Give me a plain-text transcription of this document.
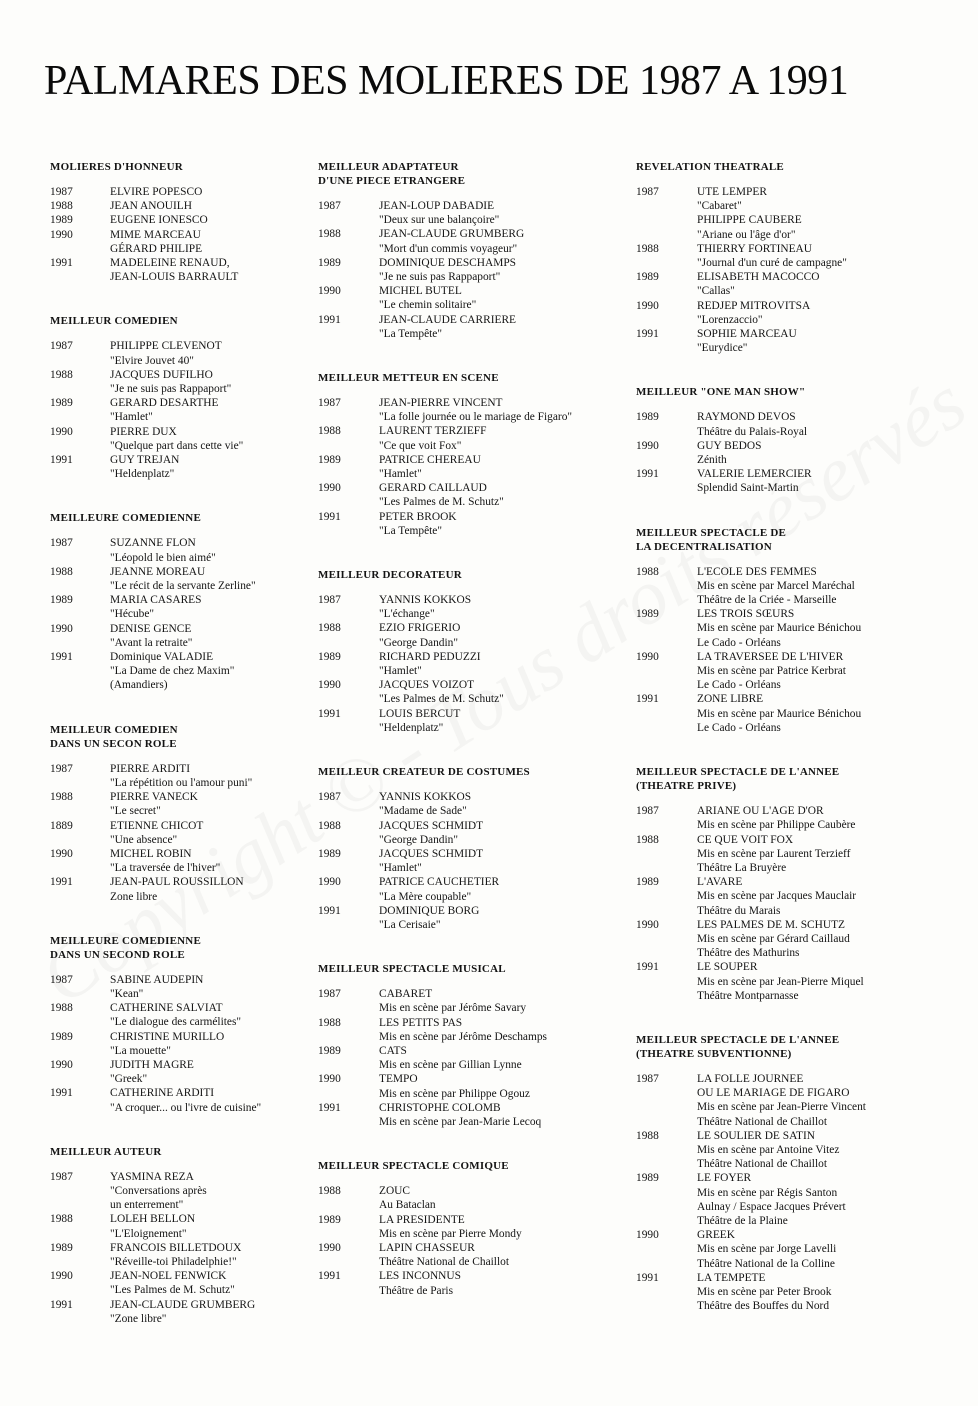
PALMARES DES MOLIERES DE 1987 A 1991
MOLIERES D'HONNEUR
1987	ELVIRE POPESCO
1988	JEAN ANOUILH
1989	EUGENE IONESCO
1990	MIME MARCEAU
GÉRARD PHILIPE
1991	MADELEINE RENAUD,
JEAN-LOUIS BARRAULT
MEILLEUR COMEDIEN
1987	PHILIPPE CLEVENOT
"Elvire Jouvet 40"
1988	JACQUES DUFILHO
"Je ne suis pas Rappaport"
1989	GERARD DESARTHE
"Hamlet"
1990	PIERRE DUX
"Quelque part dans cette vie"
1991	GUY TREJAN
"Heldenplatz"
MEILLEURE COMEDIENNE
1987	SUZANNE FLON
"Léopold le bien aimé"
1988	JEANNE MOREAU
"Le récit de la servante Zerline"
1989	MARIA CASARES
"Hécube"
1990	DENISE GENCE
"Avant la retraite"
1991	Dominique VALADIE
"La Dame de chez Maxim"
(Amandiers)
MEILLEUR COMEDIEN
DANS UN SECON ROLE
1987	PIERRE ARDITI
"La répétition ou l'amour puni"
1988	PIERRE VANECK
"Le secret"
1889	ETIENNE CHICOT
"Une absence"
1990	MICHEL ROBIN
"La traversée de l'hiver"
1991	JEAN-PAUL ROUSSILLON
Zone libre
MEILLEURE COMEDIENNE
DANS UN SECOND ROLE
1987	SABINE AUDEPIN
"Kean"
1988	CATHERINE SALVIAT
"Le dialogue des carmélites"
1989	CHRISTINE MURILLO
"La mouette"
1990	JUDITH MAGRE
"Greek"
1991	CATHERINE ARDITI
"A croquer... ou l'ivre de cuisine"
MEILLEUR AUTEUR
1987	YASMINA REZA
"Conversations après
un enterrement"
1988	LOLEH BELLON
"L'Eloignement"
1989	FRANCOIS BILLETDOUX
"Réveille-toi Philadelphie!"
1990	JEAN-NOEL FENWICK
"Les Palmes de M. Schutz"
1991	JEAN-CLAUDE GRUMBERG
"Zone libre"
MEILLEUR ADAPTATEUR
D'UNE PIECE ETRANGERE
1987	JEAN-LOUP DABADIE
"Deux sur une balançoire"
1988	JEAN-CLAUDE GRUMBERG
"Mort d'un commis voyageur"
1989	DOMINIQUE DESCHAMPS
"Je ne suis pas Rappaport"
1990	MICHEL BUTEL
"Le chemin solitaire"
1991	JEAN-CLAUDE CARRIERE
"La Tempête"
MEILLEUR METTEUR EN SCENE
1987	JEAN-PIERRE VINCENT
"La folle journée ou le mariage de Figaro"
1988	LAURENT TERZIEFF
"Ce que voit Fox"
1989	PATRICE CHEREAU
"Hamlet"
1990	GERARD CAILLAUD
"Les Palmes de M. Schutz"
1991	PETER BROOK
"La Tempête"
MEILLEUR DECORATEUR
1987	YANNIS KOKKOS
"L'échange"
1988	EZIO FRIGERIO
"George Dandin"
1989	RICHARD PEDUZZI
"Hamlet"
1990	JACQUES VOIZOT
"Les Palmes de M. Schutz"
1991	LOUIS BERCUT
"Heldenplatz"
MEILLEUR CREATEUR DE COSTUMES
1987	YANNIS KOKKOS
"Madame de Sade"
1988	JACQUES SCHMIDT
"George Dandin"
1989	JACQUES SCHMIDT
"Hamlet"
1990	PATRICE CAUCHETIER
"La Mère coupable"
1991	DOMINIQUE BORG
"La Cerisaie"
MEILLEUR SPECTACLE MUSICAL
1987	CABARET
Mis en scène par Jérôme Savary
1988	LES PETITS PAS
Mis en scène par Jérôme Deschamps
1989	CATS
Mis en scène par Gillian Lynne
1990	TEMPO
Mis en scène par Philippe Ogouz
1991	CHRISTOPHE COLOMB
Mis en scène par Jean-Marie Lecoq
MEILLEUR SPECTACLE COMIQUE
1988	ZOUC
Au Bataclan
1989	LA PRESIDENTE
Mis en scène par Pierre Mondy
1990	LAPIN CHASSEUR
Théâtre National de Chaillot
1991	LES INCONNUS
Théâtre de Paris
REVELATION THEATRALE
1987	UTE LEMPER
"Cabaret"
PHILIPPE CAUBERE
"Ariane ou l'âge d'or"
1988	THIERRY FORTINEAU
"Journal d'un curé de campagne"
1989	ELISABETH MACOCCO
"Callas"
1990	REDJEP MITROVITSA
"Lorenzaccio"
1991	SOPHIE MARCEAU
"Eurydice"
MEILLEUR "ONE MAN SHOW"
1989	RAYMOND DEVOS
Théâtre du Palais-Royal
1990	GUY BEDOS
Zénith
1991	VALERIE LEMERCIER
Splendid Saint-Martin
MEILLEUR SPECTACLE DE
LA DECENTRALISATION
1988	L'ECOLE DES FEMMES
Mis en scène par Marcel Maréchal
Théâtre de la Criée - Marseille
1989	LES TROIS SŒURS
Mis en scène par Maurice Bénichou
Le Cado - Orléans
1990	LA TRAVERSEE DE L'HIVER
Mis en scène par Patrice Kerbrat
Le Cado - Orléans
1991	ZONE LIBRE
Mis en scène par Maurice Bénichou
Le Cado - Orléans
MEILLEUR SPECTACLE DE L'ANNEE
(THEATRE PRIVE)
1987	ARIANE OU L'AGE D'OR
Mis en scène par Philippe Caubère
1988	CE QUE VOIT FOX
Mis en scène par Laurent Terzieff
Théâtre La Bruyère
1989	L'AVARE
Mis en scène par Jacques Mauclair
Théâtre du Marais
1990	LES PALMES DE M. SCHUTZ
Mis en scène par Gérard Caillaud
Théâtre des Mathurins
1991	LE SOUPER
Mis en scène par Jean-Pierre Miquel
Théâtre Montparnasse
MEILLEUR SPECTACLE DE L'ANNEE
(THEATRE SUBVENTIONNE)
1987	LA FOLLE JOURNEE
OU LE MARIAGE DE FIGARO
Mis en scène par Jean-Pierre Vincent
Théâtre National de Chaillot
1988	LE SOULIER DE SATIN
Mis en scène par Antoine Vitez
Théâtre National de Chaillot
1989	LE FOYER
Mis en scène par Régis Santon
Aulnay / Espace Jacques Prévert
Théâtre de la Plaine
1990	GREEK
Mis en scène par Jorge Lavelli
Théâtre National de la Colline
1991	LA TEMPETE
Mis en scène par Peter Brook
Théâtre des Bouffes du Nord
